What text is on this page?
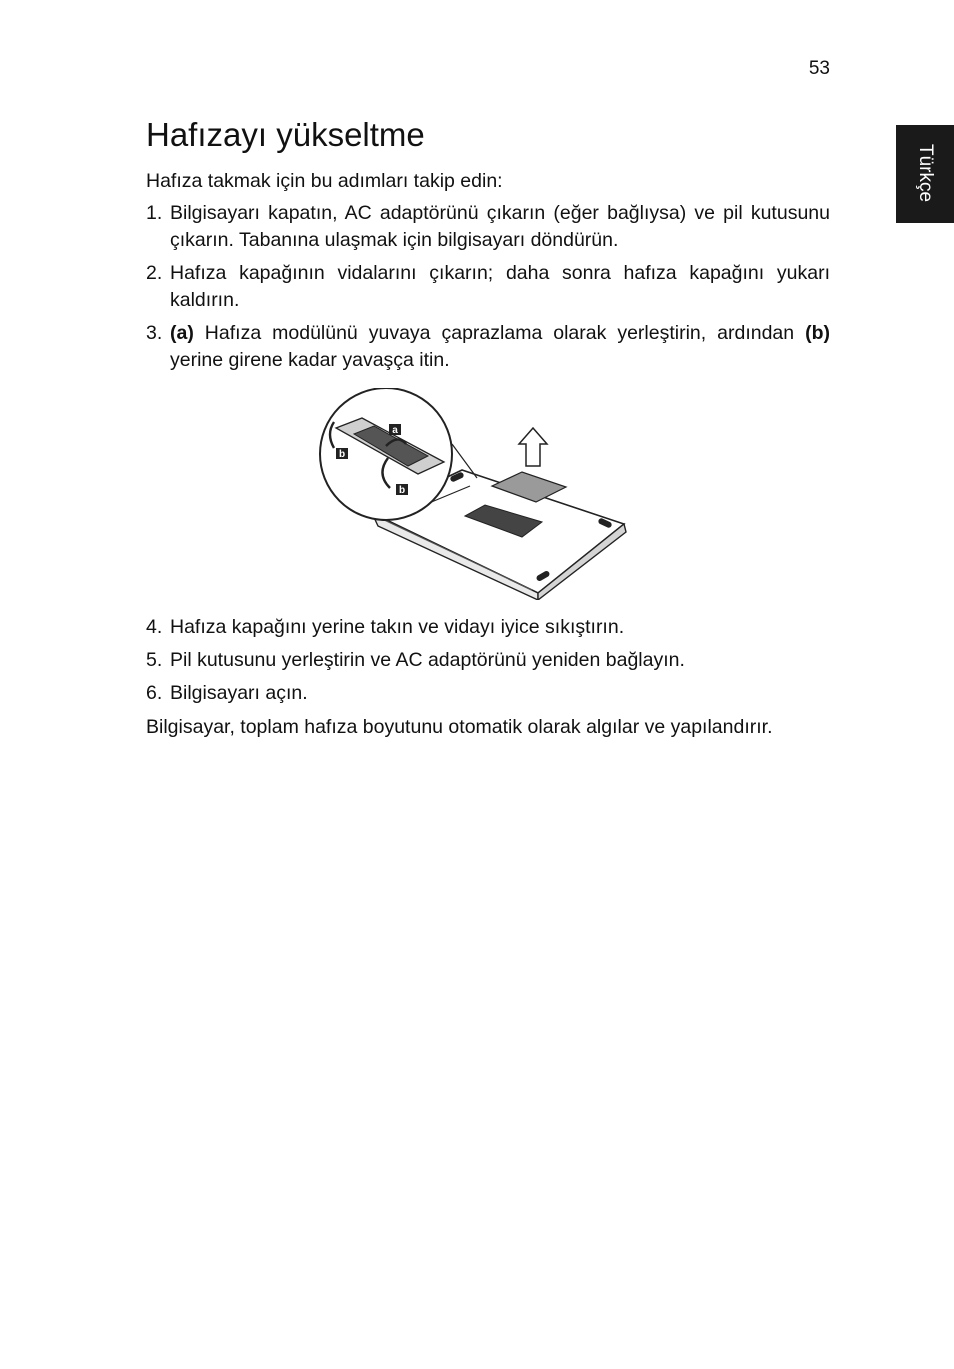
53
Türkçe
Hafızayı yükseltme

Hafıza takmak için bu adımları takip edin:

1. Bilgisayarı kapatın, AC adaptörünü çıkarın (eğer bağlıysa) ve pil kutusunu çıkarın. Tabanına ulaşmak için bilgisayarı döndürün.
2. Hafıza kapağının vidalarını çıkarın; daha sonra hafıza kapağını yukarı kaldırın.
3. (a) Hafıza modülünü yuvaya çaprazlama olarak yerleştirin, ardından (b) yerine girene kadar yavaşça itin.
a
b
b
4. Hafıza kapağını yerine takın ve vidayı iyice sıkıştırın.
5. Pil kutusunu yerleştirin ve AC adaptörünü yeniden bağlayın.
6. Bilgisayarı açın.

Bilgisayar, toplam hafıza boyutunu otomatik olarak algılar ve yapılandırır.
